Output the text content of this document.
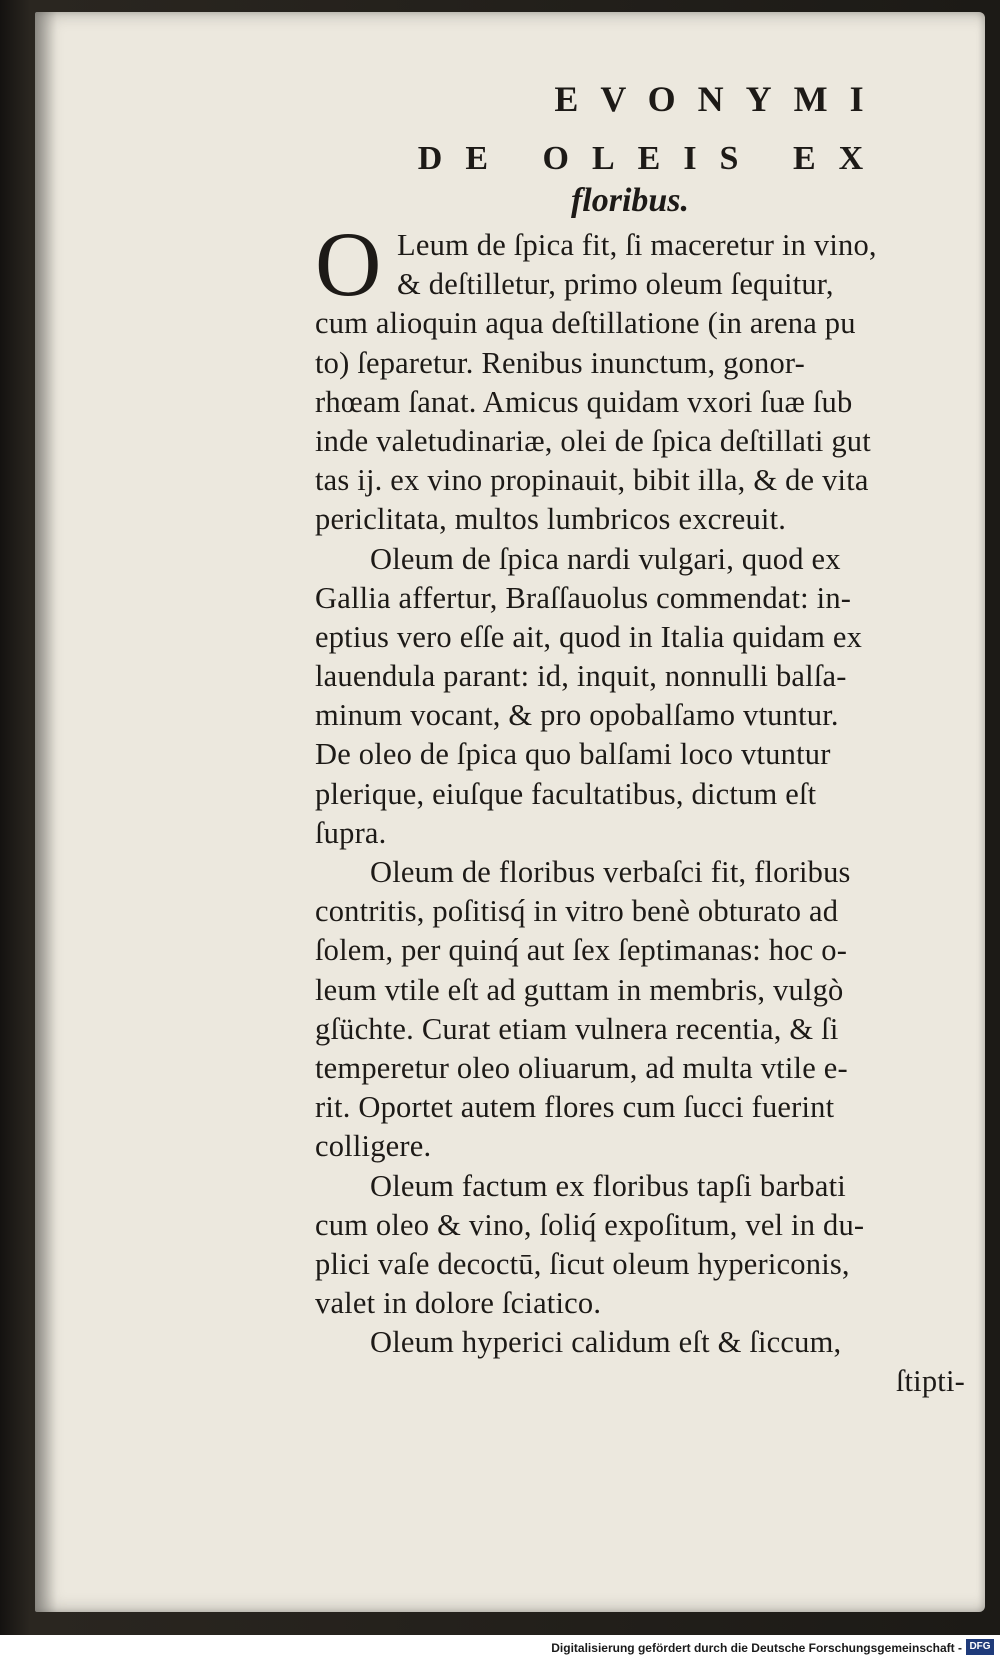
EVONYMI
DE OLEIS EX
floribus.
O Leum de ſpica fit, ſi maceretur in vino,
& deſtilletur, primo oleum ſequitur,
cum alioquin aqua deſtillatione (in arena pu
to) ſeparetur. Renibus inunctum, gonor-
rhœam ſanat. Amicus quidam vxori ſuæ ſub
inde valetudinariæ, olei de ſpica deſtillati gut
tas ij. ex vino propinauit, bibit illa, & de vita
periclitata, multos lumbricos excreuit.
Oleum de ſpica nardi vulgari, quod ex
Gallia affertur, Braſſauolus commendat: in-
eptius vero eſſe ait, quod in Italia quidam ex
lauendula parant: id, inquit, nonnulli balſa-
minum vocant, & pro opobalſamo vtuntur.
De oleo de ſpica quo balſami loco vtuntur
plerique, eiuſque facultatibus, dictum eſt
ſupra.
Oleum de floribus verbaſci fit, floribus
contritis, poſitisq́ in vitro benè obturato ad
ſolem, per quinq́ aut ſex ſeptimanas: hoc o-
leum vtile eſt ad guttam in membris, vulgò
gſüchte. Curat etiam vulnera recentia, & ſi
temperetur oleo oliuarum, ad multa vtile e-
rit. Oportet autem flores cum ſucci fuerint
colligere.
Oleum factum ex floribus tapſi barbati
cum oleo & vino, ſoliq́ expoſitum, vel in du-
plici vaſe decoctū, ſicut oleum hypericonis,
valet in dolore ſciatico.
Oleum hyperici calidum eſt & ſiccum,
ſtipti-
Digitalisierung gefördert durch die Deutsche Forschungsgemeinschaft - DFG
